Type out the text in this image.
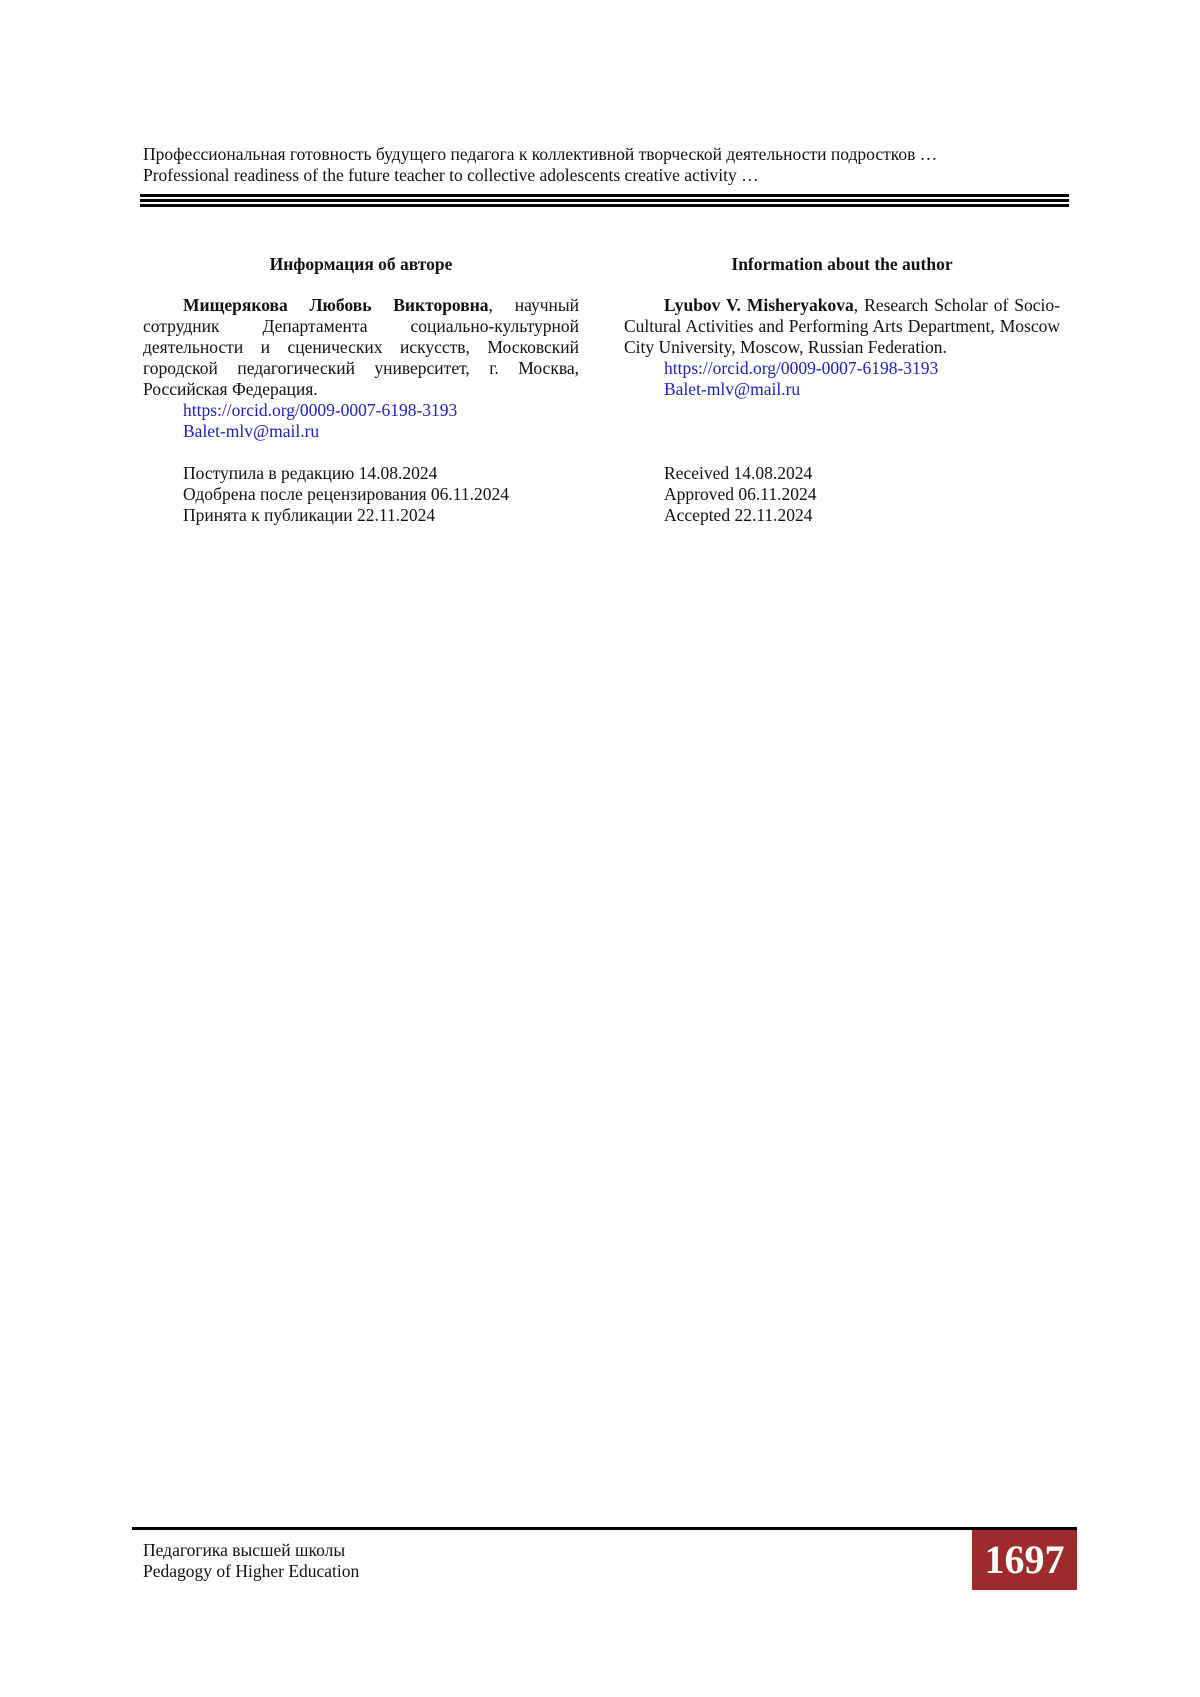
Профессиональная готовность будущего педагога к коллективной творческой деятельности подростков …
Professional readiness of the future teacher to collective adolescents creative activity …
Информация об авторе

Мищерякова Любовь Викторовна, научный сотрудник Департамента социально-культурной деятельности и сценических искусств, Московский городской педагогический университет, г. Москва, Российская Федерация.

https://orcid.org/0009-0007-6198-3193
Balet-mlv@mail.ru
Поступила в редакцию 14.08.2024
Одобрена после рецензирования 06.11.2024
Принята к публикации 22.11.2024
Information about the author

Lyubov V. Misheryakova, Research Scholar of Socio-Cultural Activities and Performing Arts Department, Moscow City University, Moscow, Russian Federation.

https://orcid.org/0009-0007-6198-3193
Balet-mlv@mail.ru
Received 14.08.2024
Approved 06.11.2024
Accepted 22.11.2024
Педагогика высшей школы
Pedagogy of Higher Education	1697
